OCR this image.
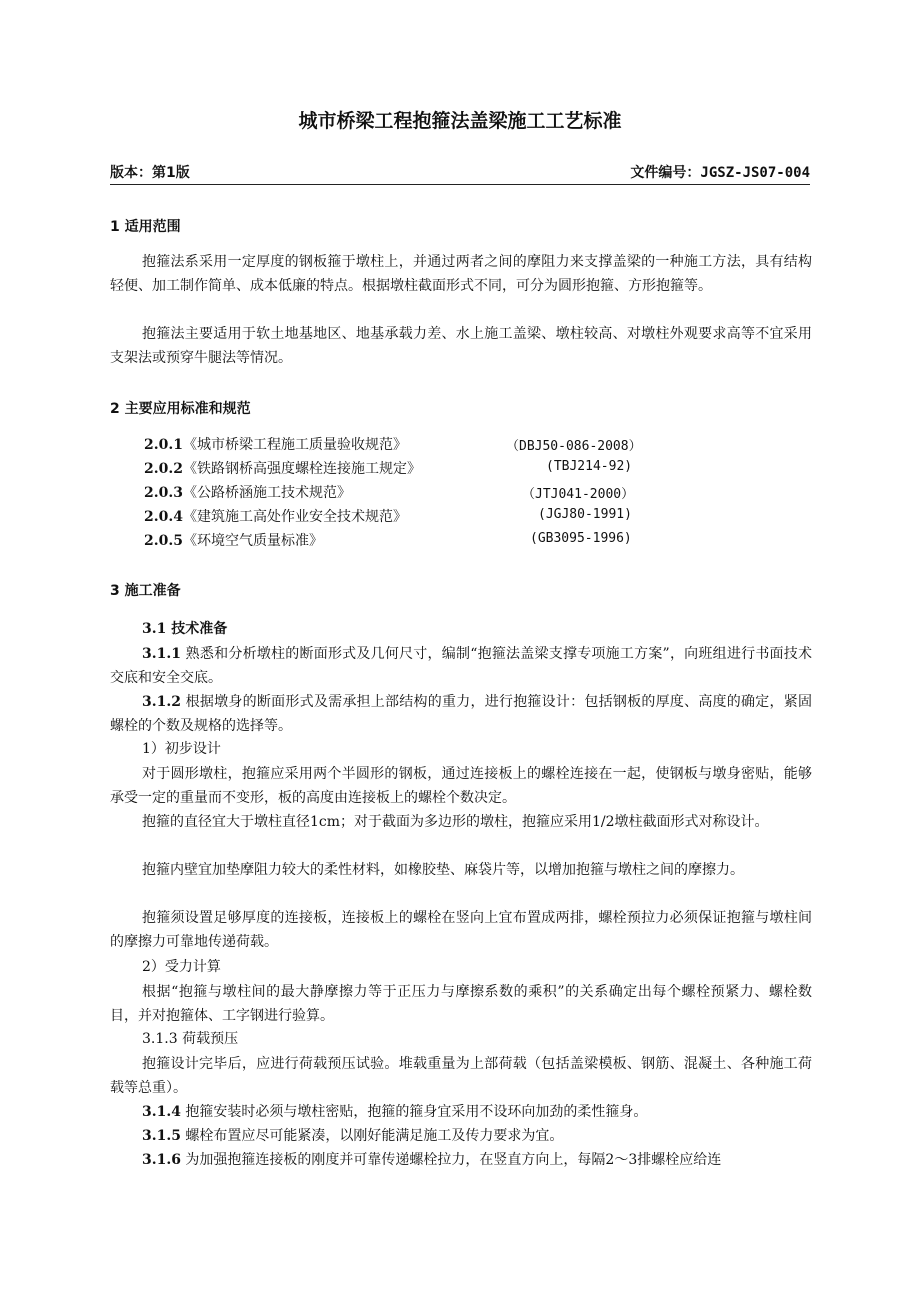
城市桥梁工程抱箍法盖梁施工工艺标准
版本：第1版	文件编号：JGSZ-JS07-004
1 适用范围

抱箍法系采用一定厚度的钢板箍于墩柱上，并通过两者之间的摩阻力来支撑盖梁的一种施工方法，具有结构轻便、加工制作简单、成本低廉的特点。根据墩柱截面形式不同，可分为圆形抱箍、方形抱箍等。

抱箍法主要适用于软土地基地区、地基承载力差、水上施工盖梁、墩柱较高、对墩柱外观要求高等不宜采用支架法或预穿牛腿法等情况。

2 主要应用标准和规范
2.0.1《城市桥梁工程施工质量验收规范》	（DBJ50-086-2008）
2.0.2《铁路钢桥高强度螺栓连接施工规定》	(TBJ214-92)
2.0.3《公路桥涵施工技术规范》	（JTJ041-2000）
2.0.4《建筑施工高处作业安全技术规范》	(JGJ80-1991)
2.0.5《环境空气质量标准》	(GB3095-1996)
3 施工准备
3.1 技术准备

3.1.1 熟悉和分析墩柱的断面形式及几何尺寸，编制“抱箍法盖梁支撑专项施工方案”，向班组进行书面技术交底和安全交底。

3.1.2 根据墩身的断面形式及需承担上部结构的重力，进行抱箍设计：包括钢板的厚度、高度的确定，紧固螺栓的个数及规格的选择等。

1）初步设计

对于圆形墩柱，抱箍应采用两个半圆形的钢板，通过连接板上的螺栓连接在一起，使钢板与墩身密贴，能够承受一定的重量而不变形，板的高度由连接板上的螺栓个数决定。

抱箍的直径宜大于墩柱直径1cm；对于截面为多边形的墩柱，抱箍应采用1/2墩柱截面形式对称设计。

抱箍内壁宜加垫摩阻力较大的柔性材料，如橡胶垫、麻袋片等，以增加抱箍与墩柱之间的摩擦力。

抱箍须设置足够厚度的连接板，连接板上的螺栓在竖向上宜布置成两排，螺栓预拉力必须保证抱箍与墩柱间的摩擦力可靠地传递荷载。

2）受力计算

根据“抱箍与墩柱间的最大静摩擦力等于正压力与摩擦系数的乘积”的关系确定出每个螺栓预紧力、螺栓数目，并对抱箍体、工字钢进行验算。

3.1.3 荷载预压

抱箍设计完毕后，应进行荷载预压试验。堆载重量为上部荷载（包括盖梁模板、钢筋、混凝土、各种施工荷载等总重）。

3.1.4 抱箍安装时必须与墩柱密贴，抱箍的箍身宜采用不设环向加劲的柔性箍身。

3.1.5 螺栓布置应尽可能紧凑，以刚好能满足施工及传力要求为宜。

3.1.6 为加强抱箍连接板的刚度并可靠传递螺栓拉力，在竖直方向上，每隔2～3排螺栓应给连
